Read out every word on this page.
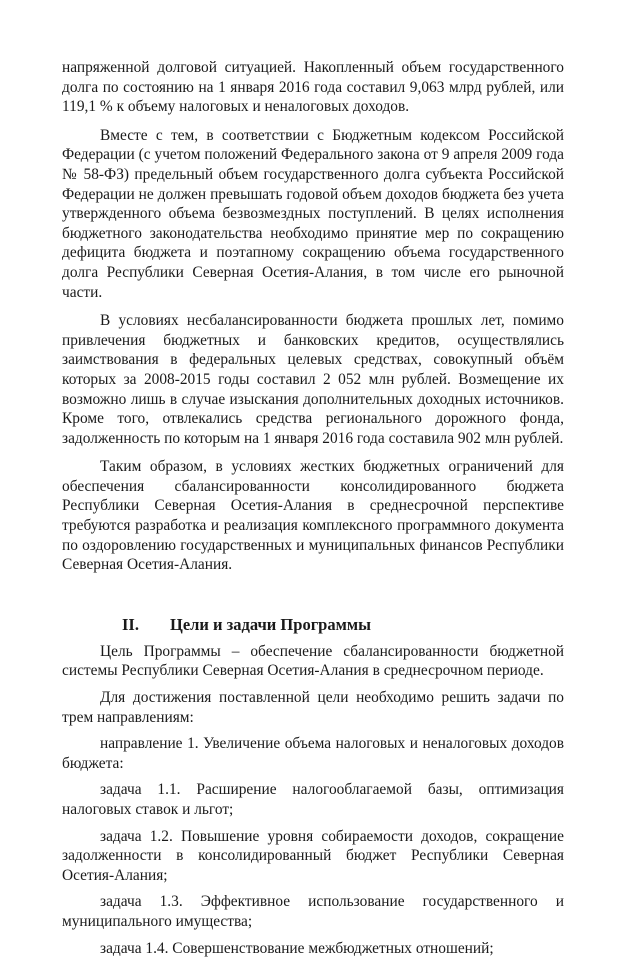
напряженной долговой ситуацией. Накопленный объем государственного долга по состоянию на 1 января 2016 года составил 9,063 млрд рублей, или 119,1 % к объему налоговых и неналоговых доходов.

Вместе с тем, в соответствии с Бюджетным кодексом Российской Федерации (с учетом положений Федерального закона от 9 апреля 2009 года № 58-ФЗ) предельный объем государственного долга субъекта Российской Федерации не должен превышать годовой объем доходов бюджета без учета утвержденного объема безвозмездных поступлений. В целях исполнения бюджетного законодательства необходимо принятие мер по сокращению дефицита бюджета и поэтапному сокращению объема государственного долга Республики Северная Осетия-Алания, в том числе его рыночной части.

В условиях несбалансированности бюджета прошлых лет, помимо привлечения бюджетных и банковских кредитов, осуществлялись заимствования в федеральных целевых средствах, совокупный объём которых за 2008-2015 годы составил 2 052 млн рублей. Возмещение их возможно лишь в случае изыскания дополнительных доходных источников. Кроме того, отвлекались средства регионального дорожного фонда, задолженность по которым на 1 января 2016 года составила 902 млн рублей.

Таким образом, в условиях жестких бюджетных ограничений для обеспечения сбалансированности консолидированного бюджета Республики Северная Осетия-Алания в среднесрочной перспективе требуются разработка и реализация комплексного программного документа по оздоровлению государственных и муниципальных финансов Республики Северная Осетия-Алания.

II.	Цели и задачи Программы

Цель Программы – обеспечение сбалансированности бюджетной системы Республики Северная Осетия-Алания в среднесрочном периоде.

Для достижения поставленной цели необходимо решить задачи по трем направлениям:

направление 1. Увеличение объема налоговых и неналоговых доходов бюджета:

задача 1.1. Расширение налогооблагаемой базы, оптимизация налоговых ставок и льгот;

задача 1.2. Повышение уровня собираемости доходов, сокращение задолженности в консолидированный бюджет Республики Северная Осетия-Алания;

задача 1.3. Эффективное использование государственного и муниципального имущества;

задача 1.4. Совершенствование межбюджетных отношений;
